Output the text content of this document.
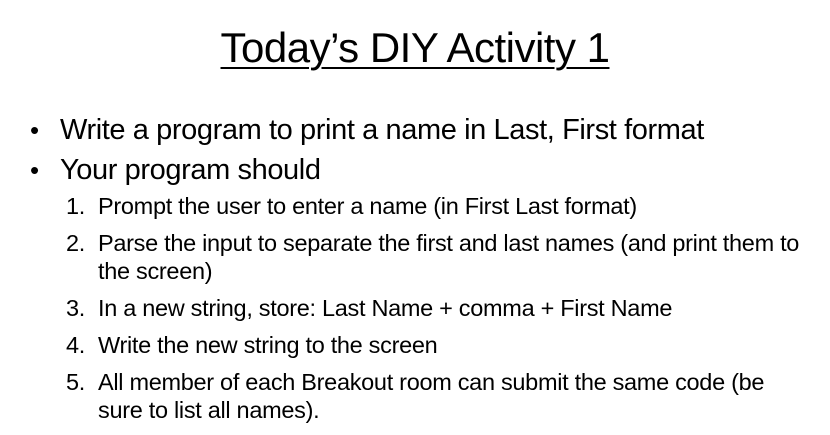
Today’s DIY Activity 1
• Write a program to print a name in Last, First format
• Your program should
1. Prompt the user to enter a name (in First Last format)
2. Parse the input to separate the first and last names (and print them to the screen)
3. In a new string, store: Last Name + comma + First Name
4. Write the new string to the screen
5. All member of each Breakout room can submit the same code (be sure to list all names).
